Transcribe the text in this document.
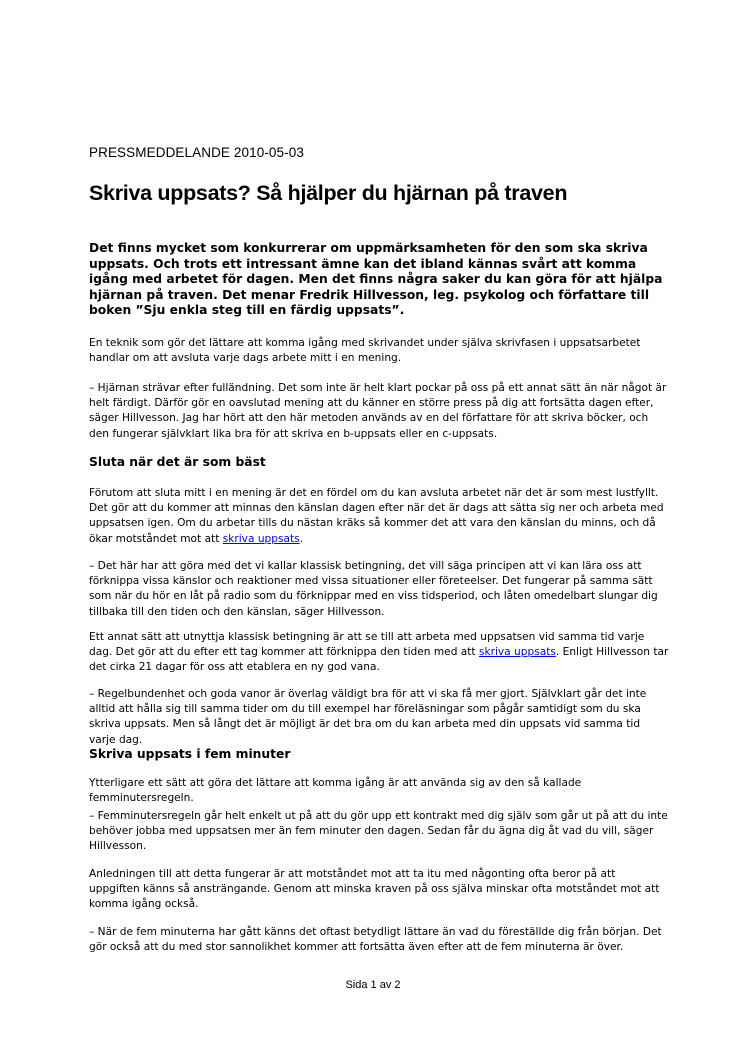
PRESSMEDDELANDE 2010-05-03
Skriva uppsats? Så hjälper du hjärnan på traven

Det finns mycket som konkurrerar om uppmärksamheten för den som ska skriva uppsats. Och trots ett intressant ämne kan det ibland kännas svårt att komma igång med arbetet för dagen. Men det finns några saker du kan göra för att hjälpa hjärnan på traven. Det menar Fredrik Hillvesson, leg. psykolog och författare till boken ”Sju enkla steg till en färdig uppsats”.

En teknik som gör det lättare att komma igång med skrivandet under själva skrivfasen i uppsatsarbetet handlar om att avsluta varje dags arbete mitt i en mening.

– Hjärnan strävar efter fulländning. Det som inte är helt klart pockar på oss på ett annat sätt än när något är helt färdigt. Därför gör en oavslutad mening att du känner en större press på dig att fortsätta dagen efter, säger Hillvesson. Jag har hört att den här metoden används av en del författare för att skriva böcker, och den fungerar självklart lika bra för att skriva en b-uppsats eller en c-uppsats.

Sluta när det är som bäst

Förutom att sluta mitt i en mening är det en fördel om du kan avsluta arbetet när det är som mest lustfyllt. Det gör att du kommer att minnas den känslan dagen efter när det är dags att sätta sig ner och arbeta med uppsatsen igen. Om du arbetar tills du nästan kräks så kommer det att vara den känslan du minns, och då ökar motståndet mot att skriva uppsats.

– Det här har att göra med det vi kallar klassisk betingning, det vill säga principen att vi kan lära oss att förknippa vissa känslor och reaktioner med vissa situationer eller företeelser. Det fungerar på samma sätt som när du hör en låt på radio som du förknippar med en viss tidsperiod, och låten omedelbart slungar dig tillbaka till den tiden och den känslan, säger Hillvesson.

Ett annat sätt att utnyttja klassisk betingning är att se till att arbeta med uppsatsen vid samma tid varje dag. Det gör att du efter ett tag kommer att förknippa den tiden med att skriva uppsats. Enligt Hillvesson tar det cirka 21 dagar för oss att etablera en ny god vana.

– Regelbundenhet och goda vanor är överlag väldigt bra för att vi ska få mer gjort. Självklart går det inte alltid att hålla sig till samma tider om du till exempel har föreläsningar som pågår samtidigt som du ska skriva uppsats. Men så långt det är möjligt är det bra om du kan arbeta med din uppsats vid samma tid varje dag.

Skriva uppsats i fem minuter

Ytterligare ett sätt att göra det lättare att komma igång är att använda sig av den så kallade femminutersregeln.

– Femminutersregeln går helt enkelt ut på att du gör upp ett kontrakt med dig själv som går ut på att du inte behöver jobba med uppsatsen mer än fem minuter den dagen. Sedan får du ägna dig åt vad du vill, säger Hillvesson.

Anledningen till att detta fungerar är att motståndet mot att ta itu med någonting ofta beror på att uppgiften känns så ansträngande. Genom att minska kraven på oss själva minskar ofta motståndet mot att komma igång också.

– När de fem minuterna har gått känns det oftast betydligt lättare än vad du föreställde dig från början. Det gör också att du med stor sannolikhet kommer att fortsätta även efter att de fem minuterna är över.

Sida 1 av 2
